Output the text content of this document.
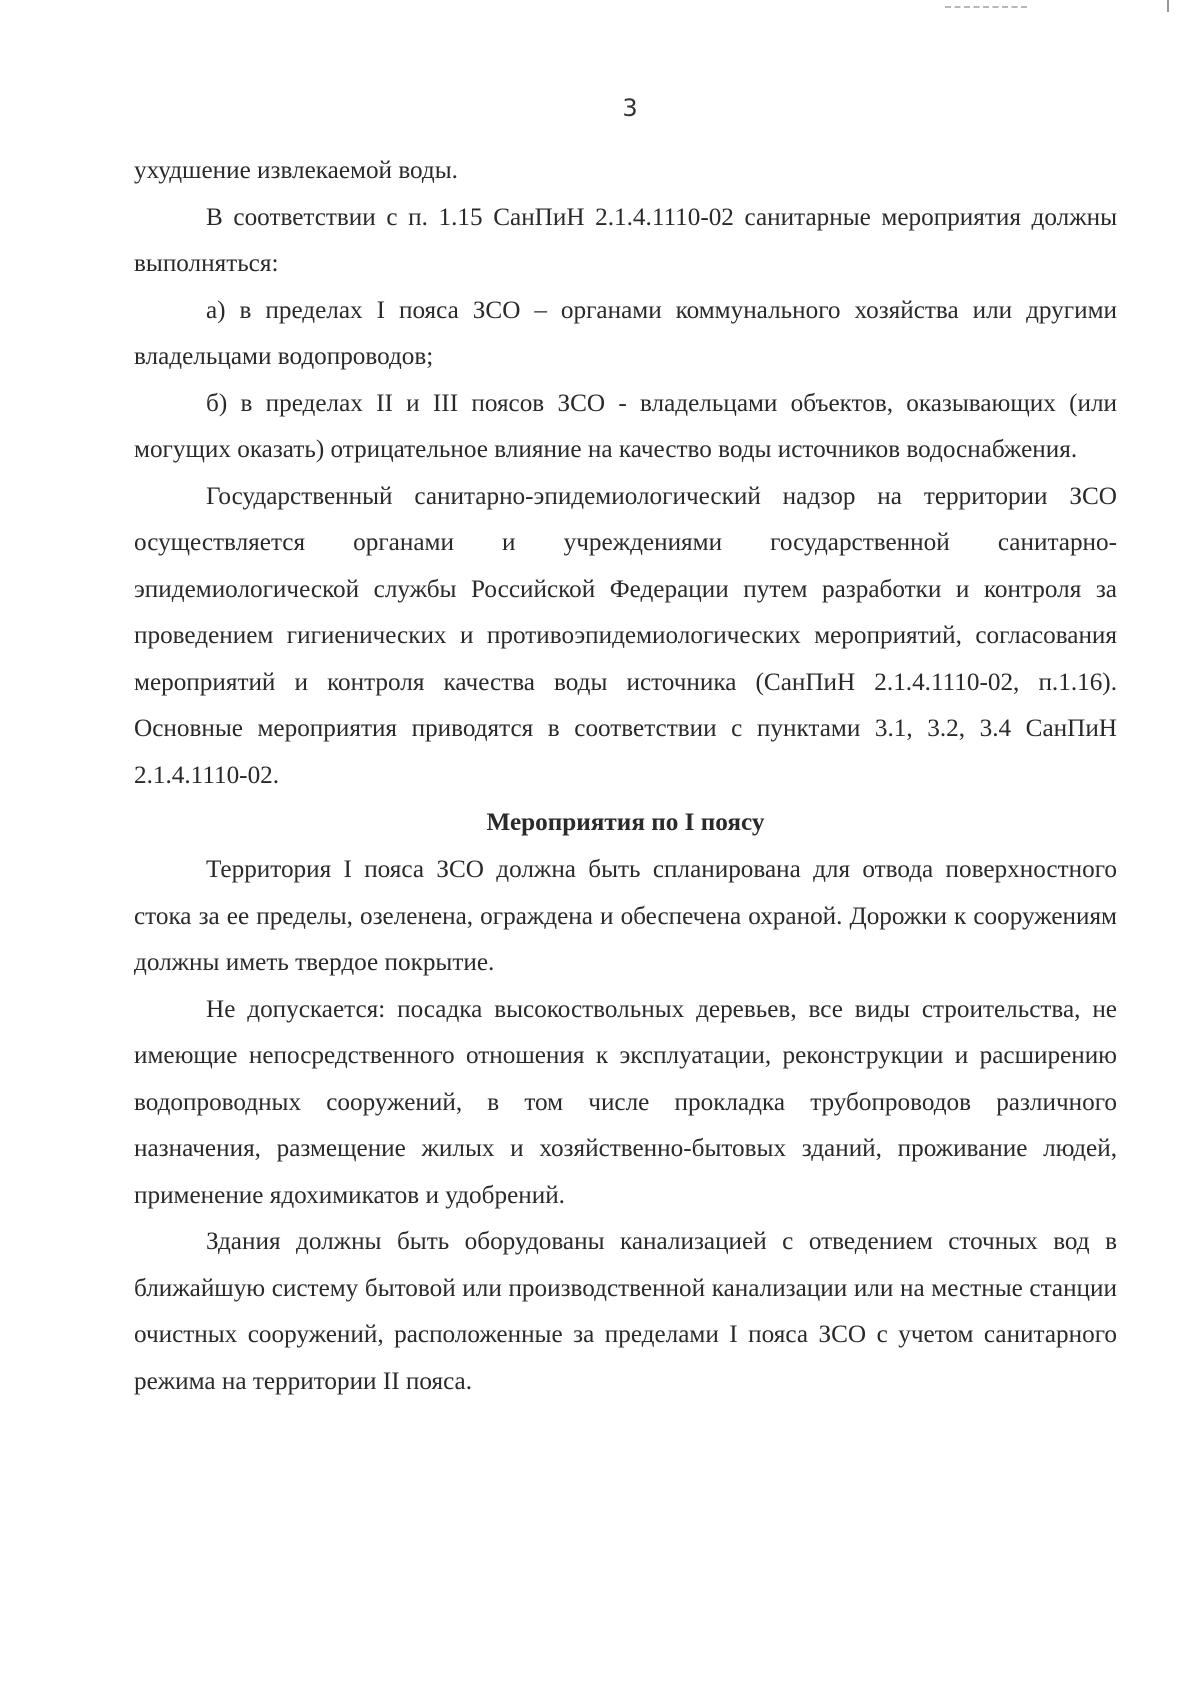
3

ухудшение извлекаемой воды.

В соответствии с п. 1.15 СанПиН 2.1.4.1110-02 санитарные мероприятия должны выполняться:

а) в пределах I пояса ЗСО – органами коммунального хозяйства или другими владельцами водопроводов;

б) в пределах II и III поясов ЗСО - владельцами объектов, оказывающих (или могущих оказать) отрицательное влияние на качество воды источников водоснабжения.

Государственный санитарно-эпидемиологический надзор на территории ЗСО осуществляется органами и учреждениями государственной санитарно-эпидемиологической службы Российской Федерации путем разработки и контроля за проведением гигиенических и противоэпидемиологических мероприятий, согласования мероприятий и контроля качества воды источника (СанПиН 2.1.4.1110-02, п.1.16). Основные мероприятия приводятся в соответствии с пунктами 3.1, 3.2, 3.4 СанПиН 2.1.4.1110-02.

Мероприятия по I поясу

Территория I пояса ЗСО должна быть спланирована для отвода поверхностного стока за ее пределы, озеленена, ограждена и обеспечена охраной. Дорожки к сооружениям должны иметь твердое покрытие.

Не допускается: посадка высокоствольных деревьев, все виды строительства, не имеющие непосредственного отношения к эксплуатации, реконструкции и расширению водопроводных сооружений, в том числе прокладка трубопроводов различного назначения, размещение жилых и хозяйственно-бытовых зданий, проживание людей, применение ядохимикатов и удобрений.

Здания должны быть оборудованы канализацией с отведением сточных вод в ближайшую систему бытовой или производственной канализации или на местные станции очистных сооружений, расположенные за пределами I пояса ЗСО с учетом санитарного режима на территории II пояса.
